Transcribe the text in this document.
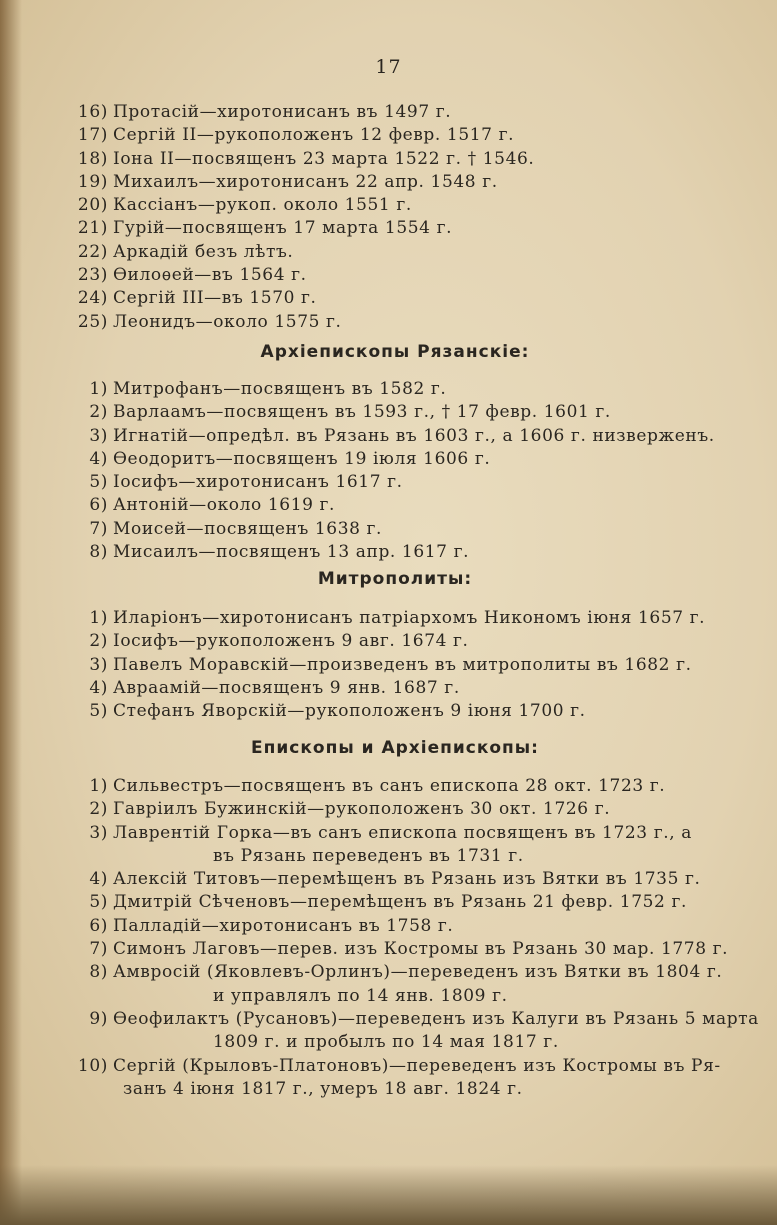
17
16) Протасій—хиротонисанъ въ 1497 г.
17) Сергій II—рукоположенъ 12 февр. 1517 г.
18) Іона II—посвященъ 23 марта 1522 г. † 1546.
19) Михаилъ—хиротонисанъ 22 апр. 1548 г.
20) Кассіанъ—рукоп. около 1551 г.
21) Гурій—посвященъ 17 марта 1554 г.
22) Аркадій безъ лѣтъ.
23) Ѳилоѳей—въ 1564 г.
24) Сергій III—въ 1570 г.
25) Леонидъ—около 1575 г.
Архіепископы Рязанскіе:
1) Митрофанъ—посвященъ въ 1582 г.
2) Варлаамъ—посвященъ въ 1593 г., † 17 февр. 1601 г.
3) Игнатій—опредѣл. въ Рязань въ 1603 г., а 1606 г. низверженъ.
4) Ѳеодоритъ—посвященъ 19 іюля 1606 г.
5) Іосифъ—хиротонисанъ 1617 г.
6) Антоній—около 1619 г.
7) Моисей—посвященъ 1638 г.
8) Мисаилъ—посвященъ 13 апр. 1617 г.
Митрополиты:
1) Иларіонъ—хиротонисанъ патріархомъ Никономъ іюня 1657 г.
2) Іосифъ—рукоположенъ 9 авг. 1674 г.
3) Павелъ Моравскій—произведенъ въ митрополиты въ 1682 г.
4) Авраамій—посвященъ 9 янв. 1687 г.
5) Стефанъ Яворскій—рукоположенъ 9 іюня 1700 г.
Епископы и Архіепископы:
1) Сильвестръ—посвященъ въ санъ епископа 28 окт. 1723 г.
2) Гавріилъ Бужинскій—рукоположенъ 30 окт. 1726 г.
3) Лаврентій Горка—въ санъ епископа посвященъ въ 1723 г., а
въ Рязань переведенъ въ 1731 г.
4) Алексій Титовъ—перемѣщенъ въ Рязань изъ Вятки въ 1735 г.
5) Дмитрій Сѣченовъ—перемѣщенъ въ Рязань 21 февр. 1752 г.
6) Палладій—хиротонисанъ въ 1758 г.
7) Симонъ Лаговъ—перев. изъ Костромы въ Рязань 30 мар. 1778 г.
8) Амвросій (Яковлевъ-Орлинъ)—переведенъ изъ Вятки въ 1804 г.
и управлялъ по 14 янв. 1809 г.
9) Ѳеофилактъ (Русановъ)—переведенъ изъ Калуги въ Рязань 5 марта
1809 г. и пробылъ по 14 мая 1817 г.
10) Сергій (Крыловъ-Платоновъ)—переведенъ изъ Костромы въ Ря-
занъ 4 іюня 1817 г., умеръ 18 авг. 1824 г.
